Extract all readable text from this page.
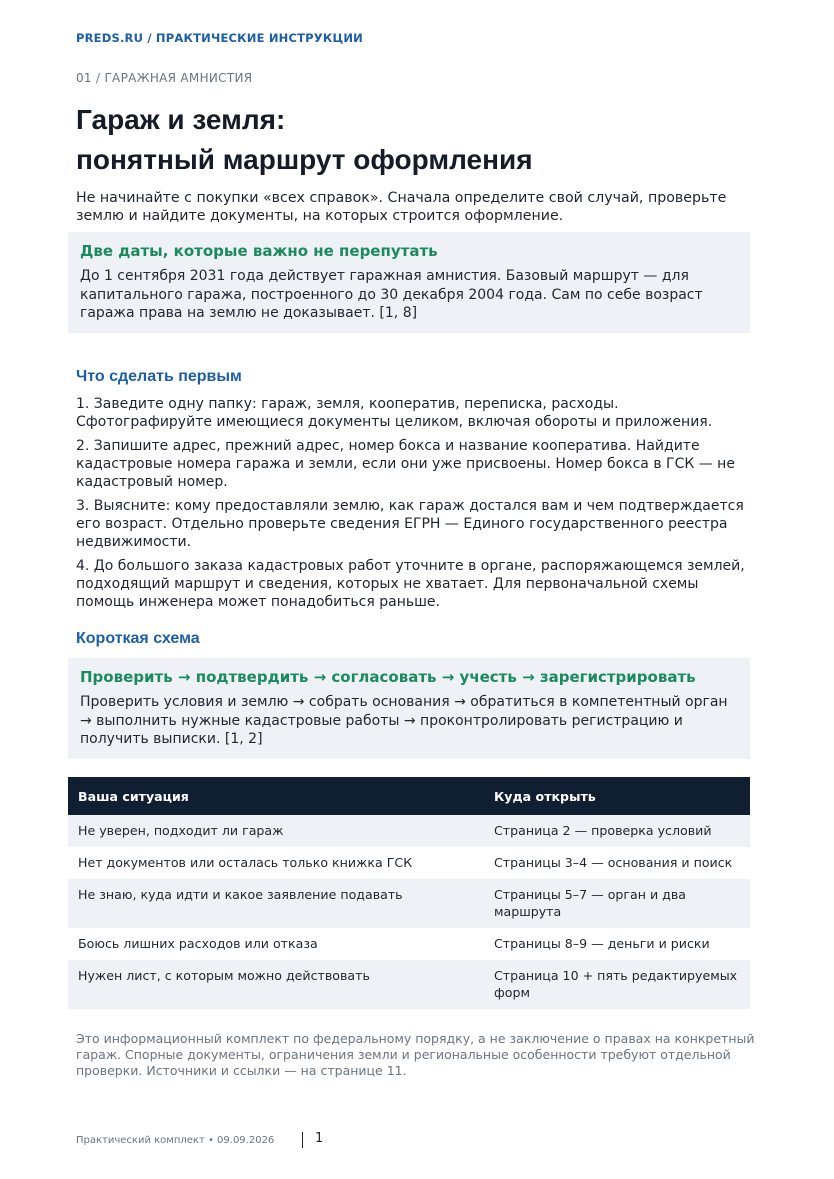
PREDS.RU / ПРАКТИЧЕСКИЕ ИНСТРУКЦИИ
01 / ГАРАЖНАЯ АМНИСТИЯ
Гараж и земля:
понятный маршрут оформления

Не начинайте с покупки «всех справок». Сначала определите свой случай, проверьте землю и найдите документы, на которых строится оформление.

Две даты, которые важно не перепутать

До 1 сентября 2031 года действует гаражная амнистия. Базовый маршрут — для капитального гаража, построенного до 30 декабря 2004 года. Сам по себе возраст гаража права на землю не доказывает. [1, 8]

Что сделать первым
1. Заведите одну папку: гараж, земля, кооператив, переписка, расходы. Сфотографируйте имеющиеся документы целиком, включая обороты и приложения.
2. Запишите адрес, прежний адрес, номер бокса и название кооператива. Найдите кадастровые номера гаража и земли, если они уже присвоены. Номер бокса в ГСК — не кадастровый номер.
3. Выясните: кому предоставляли землю, как гараж достался вам и чем подтверждается его возраст. Отдельно проверьте сведения ЕГРН — Единого государственного реестра недвижимости.
4. До большого заказа кадастровых работ уточните в органе, распоряжающемся землей, подходящий маршрут и сведения, которых не хватает. Для первоначальной схемы помощь инженера может понадобиться раньше.
Короткая схема

Проверить → подтвердить → согласовать → учесть → зарегистрировать

Проверить условия и землю → собрать основания → обратиться в компетентный орган → выполнить нужные кадастровые работы → проконтролировать регистрацию и получить выписки. [1, 2]

Ваша ситуация	Куда открыть
Не уверен, подходит ли гараж	Страница 2 — проверка условий
Нет документов или осталась только книжка ГСК	Страницы 3–4 — основания и поиск
Не знаю, куда идти и какое заявление подавать	Страницы 5–7 — орган и два маршрута
Боюсь лишних расходов или отказа	Страницы 8–9 — деньги и риски
Нужен лист, с которым можно действовать	Страница 10 + пять редактируемых форм

Это информационный комплект по федеральному порядку, а не заключение о правах на конкретный гараж. Спорные документы, ограничения земли и региональные особенности требуют отдельной проверки. Источники и ссылки — на странице 11.

Практический комплект • 09.09.2026	1
